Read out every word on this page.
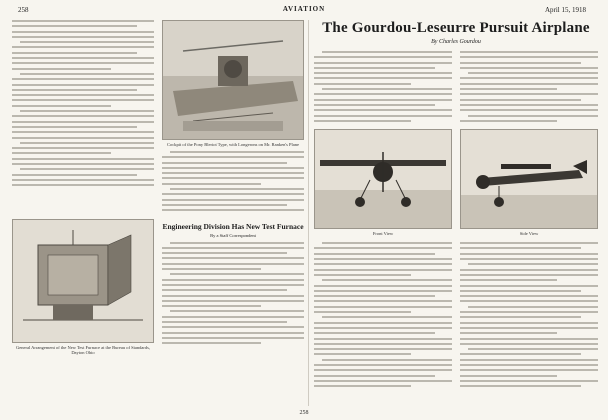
258	AVIATION	April 15, 1918
Cockpit of the Pony Bleriot Type, with Longerons on Mr. Ranken's Plane
General Arrangement of the New Test Furnace at the Bureau of Standards, Dayton Ohio
Engineering Division Has New Test Furnace
By a Staff Correspondent
The Gourdou-Leseurre Pursuit Airplane
By Charles Gourdou
Front View	Side View
258
